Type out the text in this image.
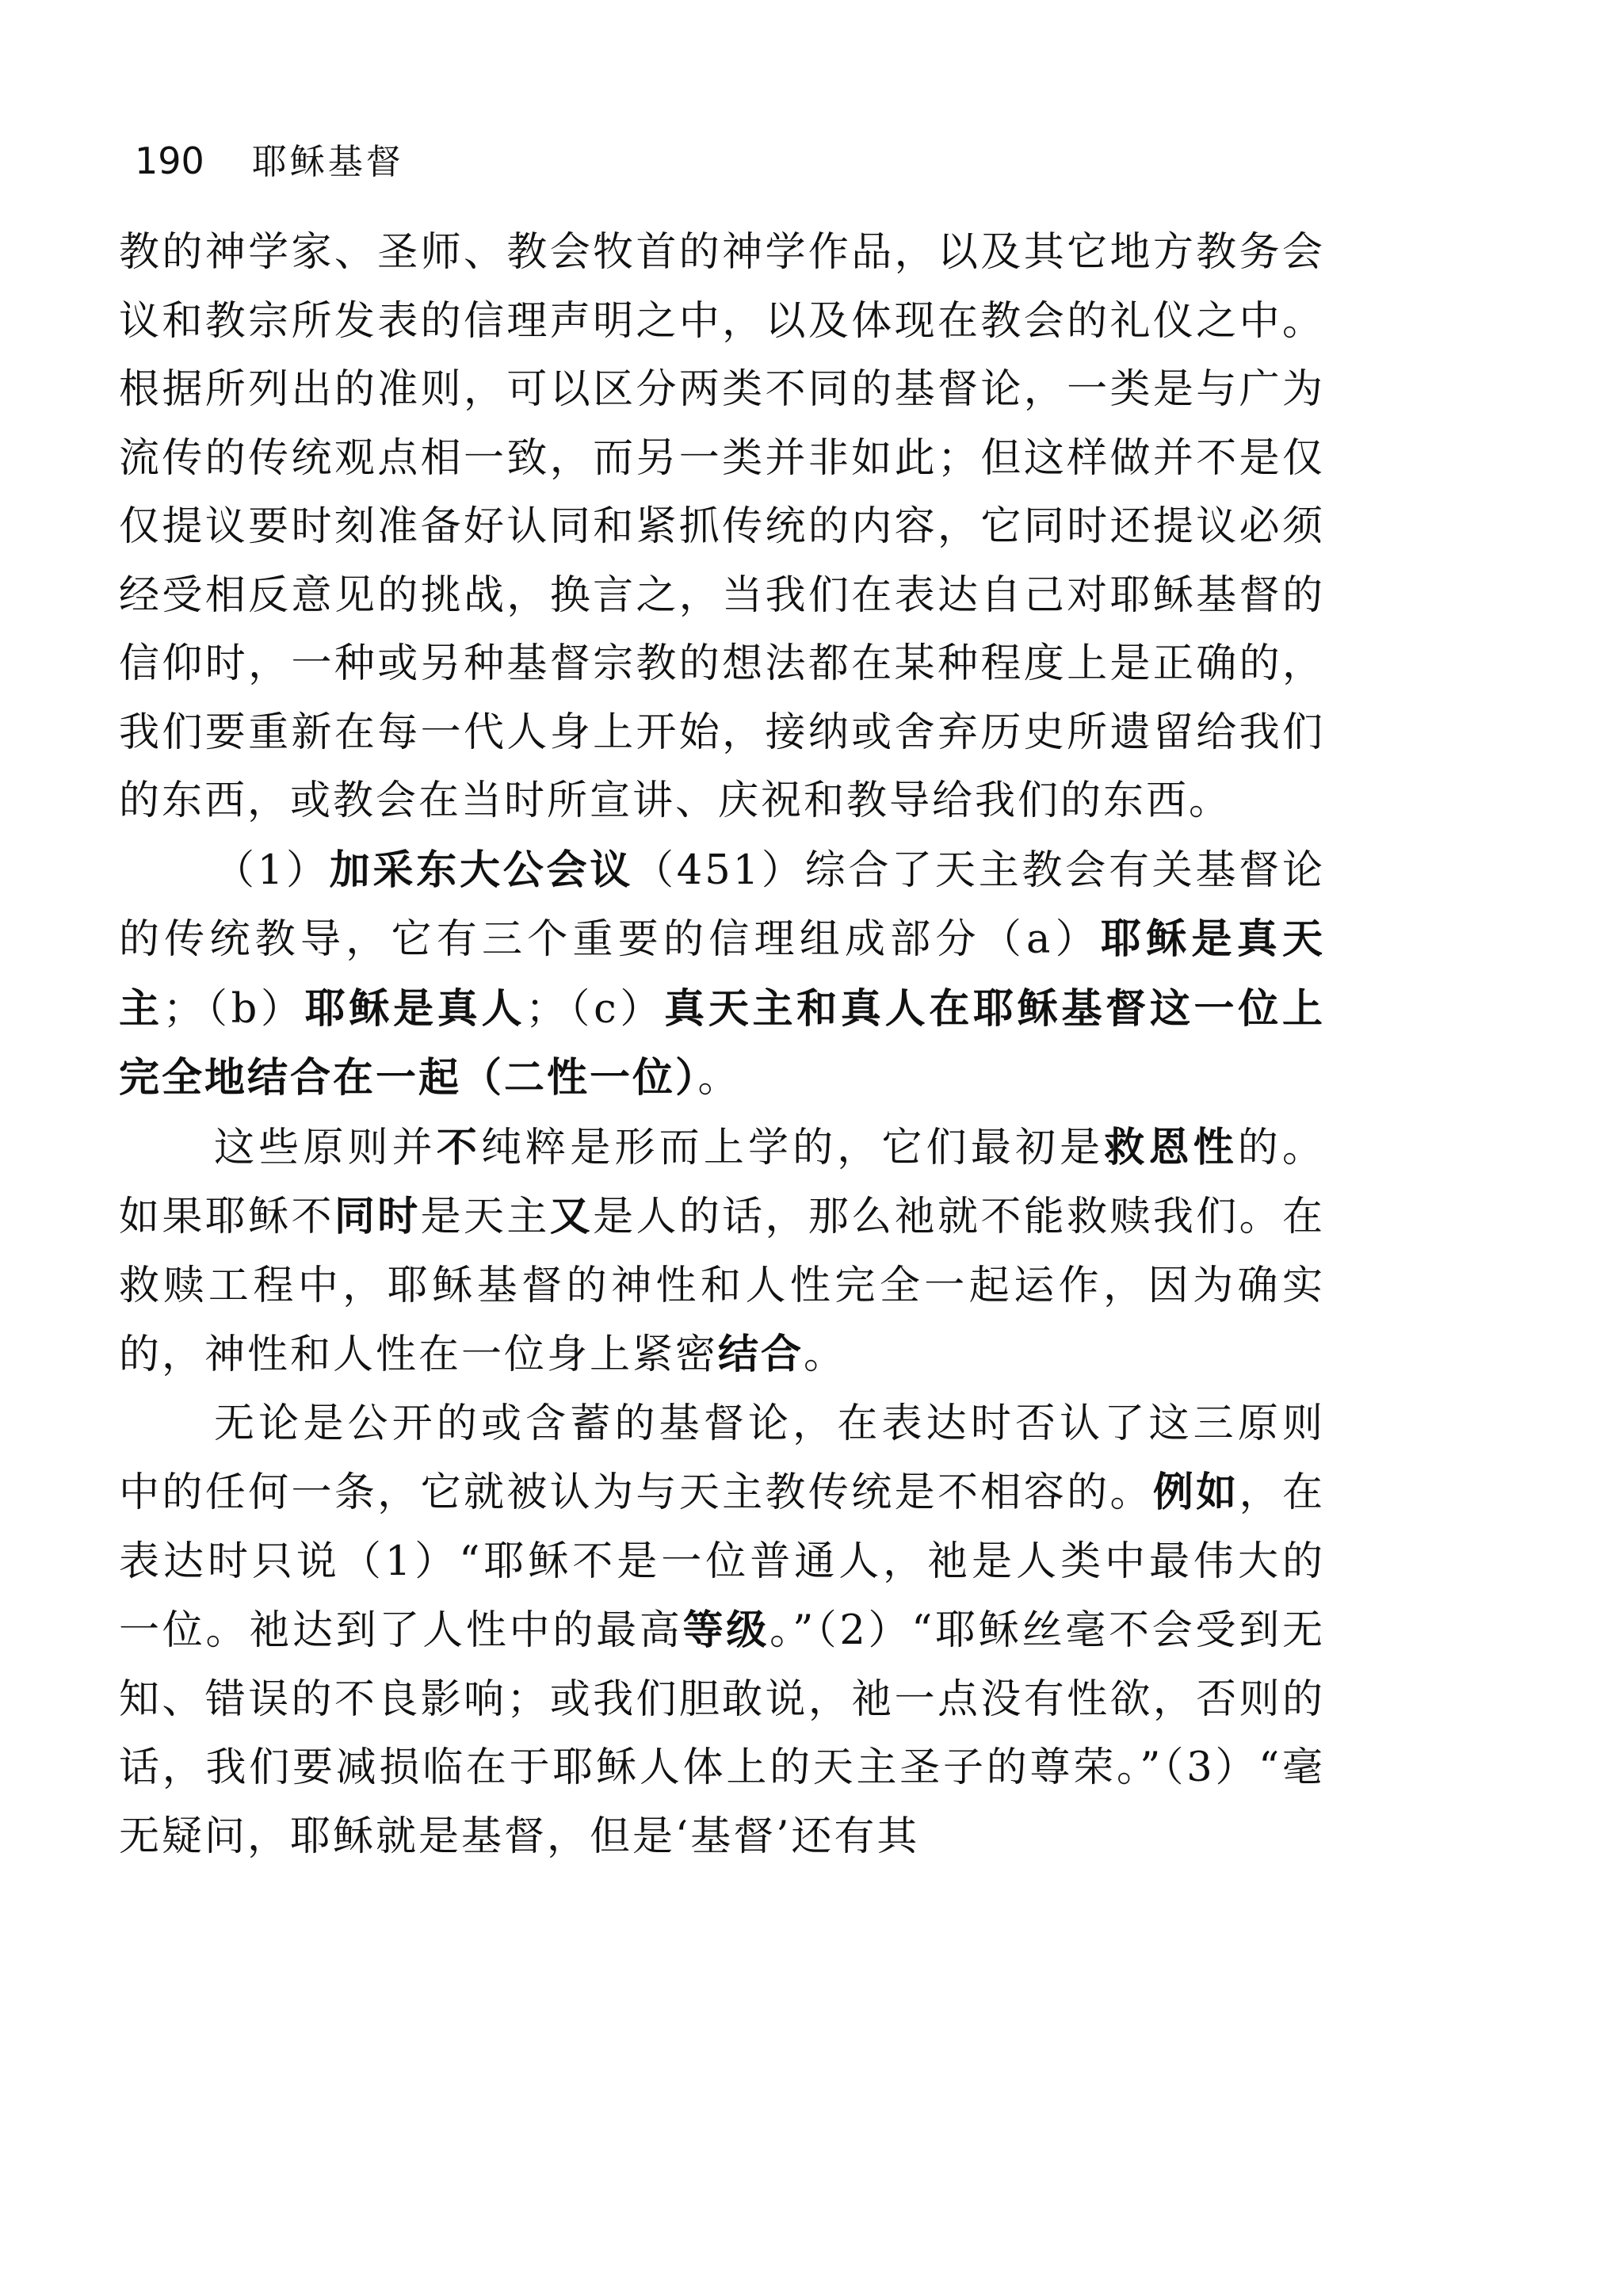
190 耶稣基督

教的神学家、圣师、教会牧首的神学作品，以及其它地方教务会议和教宗所发表的信理声明之中，以及体现在教会的礼仪之中。根据所列出的准则，可以区分两类不同的基督论，一类是与广为流传的传统观点相一致，而另一类并非如此；但这样做并不是仅仅提议要时刻准备好认同和紧抓传统的内容，它同时还提议必须经受相反意见的挑战，换言之，当我们在表达自己对耶稣基督的信仰时，一种或另种基督宗教的想法都在某种程度上是正确的，我们要重新在每一代人身上开始，接纳或舍弃历史所遗留给我们的东西，或教会在当时所宣讲、庆祝和教导给我们的东西。

（1）加采东大公会议（451）综合了天主教会有关基督论的传统教导，它有三个重要的信理组成部分（a）耶稣是真天主；（b）耶稣是真人；（c）真天主和真人在耶稣基督这一位上完全地结合在一起（二性一位）。

这些原则并不纯粹是形而上学的，它们最初是救恩性的。如果耶稣不同时是天主又是人的话，那么祂就不能救赎我们。在救赎工程中，耶稣基督的神性和人性完全一起运作，因为确实的，神性和人性在一位身上紧密结合。

无论是公开的或含蓄的基督论，在表达时否认了这三原则中的任何一条，它就被认为与天主教传统是不相容的。例如，在表达时只说（1）“耶稣不是一位普通人，祂是人类中最伟大的一位。祂达到了人性中的最高等级。”（2）“耶稣丝毫不会受到无知、错误的不良影响；或我们胆敢说，祂一点没有性欲，否则的话，我们要减损临在于耶稣人体上的天主圣子的尊荣。”（3）“毫无疑问，耶稣就是基督，但是‘基督’还有其
